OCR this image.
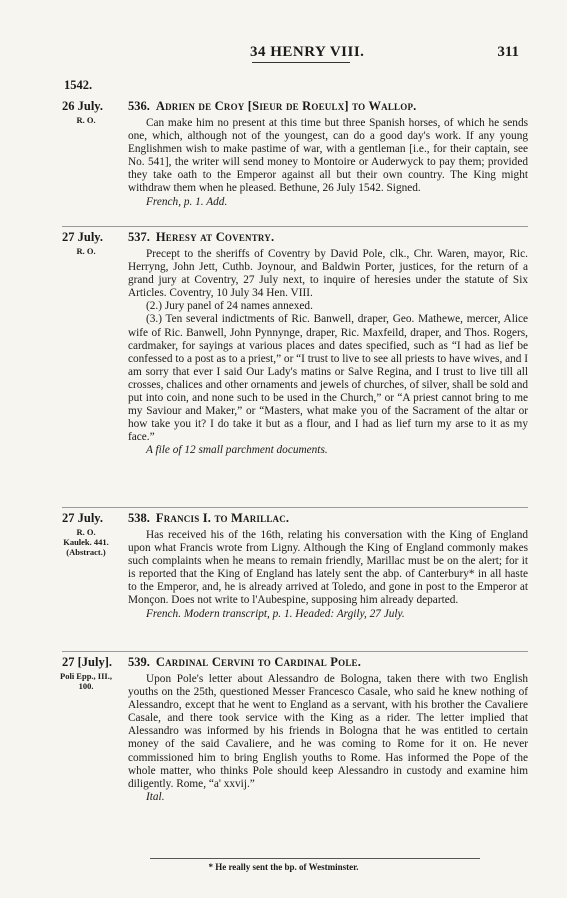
34 HENRY VIII.	311
1542.
26 July.
R. O.
536. Adrien de Croy [Sieur de Roeulx] to Wallop.

Can make him no present at this time but three Spanish horses, of which he sends one, which, although not of the youngest, can do a good day's work. If any young Englishmen wish to make pastime of war, with a gentleman [i.e., for their captain, see No. 541], the writer will send money to Montoire or Auderwyck to pay them; provided they take oath to the Emperor against all but their own country. The King might withdraw them when he pleased. Bethune, 26 July 1542. Signed.

French, p. 1. Add.

27 July.
R. O.
537. Heresy at Coventry.

Precept to the sheriffs of Coventry by David Pole, clk., Chr. Waren, mayor, Ric. Herryng, John Jett, Cuthb. Joynour, and Baldwin Porter, justices, for the return of a grand jury at Coventry, 27 July next, to inquire of heresies under the statute of Six Articles. Coventry, 10 July 34 Hen. VIII.

(2.) Jury panel of 24 names annexed.

(3.) Ten several indictments of Ric. Banwell, draper, Geo. Mathewe, mercer, Alice wife of Ric. Banwell, John Pynnynge, draper, Ric. Maxfeild, draper, and Thos. Rogers, cardmaker, for sayings at various places and dates specified, such as “I had as lief be confessed to a post as to a priest,” or “I trust to live to see all priests to have wives, and I am sorry that ever I said Our Lady's matins or Salve Regina, and I trust to live till all crosses, chalices and other ornaments and jewels of churches, of silver, shall be sold and put into coin, and none such to be used in the Church,” or “A priest cannot bring to me my Saviour and Maker,” or “Masters, what make you of the Sacrament of the altar or how take you it? I do take it but as a flour, and I had as lief turn my arse to it as my face.”

A file of 12 small parchment documents.

27 July.
R. O.
Kaulek. 441.
(Abstract.)
538. Francis I. to Marillac.

Has received his of the 16th, relating his conversation with the King of England upon what Francis wrote from Ligny. Although the King of England commonly makes such complaints when he means to remain friendly, Marillac must be on the alert; for it is reported that the King of England has lately sent the abp. of Canterbury* in all haste to the Emperor, and, he is already arrived at Toledo, and gone in post to the Emperor at Monçon. Does not write to l'Aubespine, supposing him already departed.

French. Modern transcript, p. 1. Headed: Argily, 27 July.

27 [July].
Poli Epp., III.,
100.
539. Cardinal Cervini to Cardinal Pole.

Upon Pole's letter about Alessandro de Bologna, taken there with two English youths on the 25th, questioned Messer Francesco Casale, who said he knew nothing of Alessandro, except that he went to England as a servant, with his brother the Cavaliere Casale, and there took service with the King as a rider. The letter implied that Alessandro was informed by his friends in Bologna that he was entitled to certain money of the said Cavaliere, and he was coming to Rome for it on. He never commissioned him to bring English youths to Rome. Has informed the Pope of the whole matter, who thinks Pole should keep Alessandro in custody and examine him diligently. Rome, “a' xxvij.”

Ital.

* He really sent the bp. of Westminster.
